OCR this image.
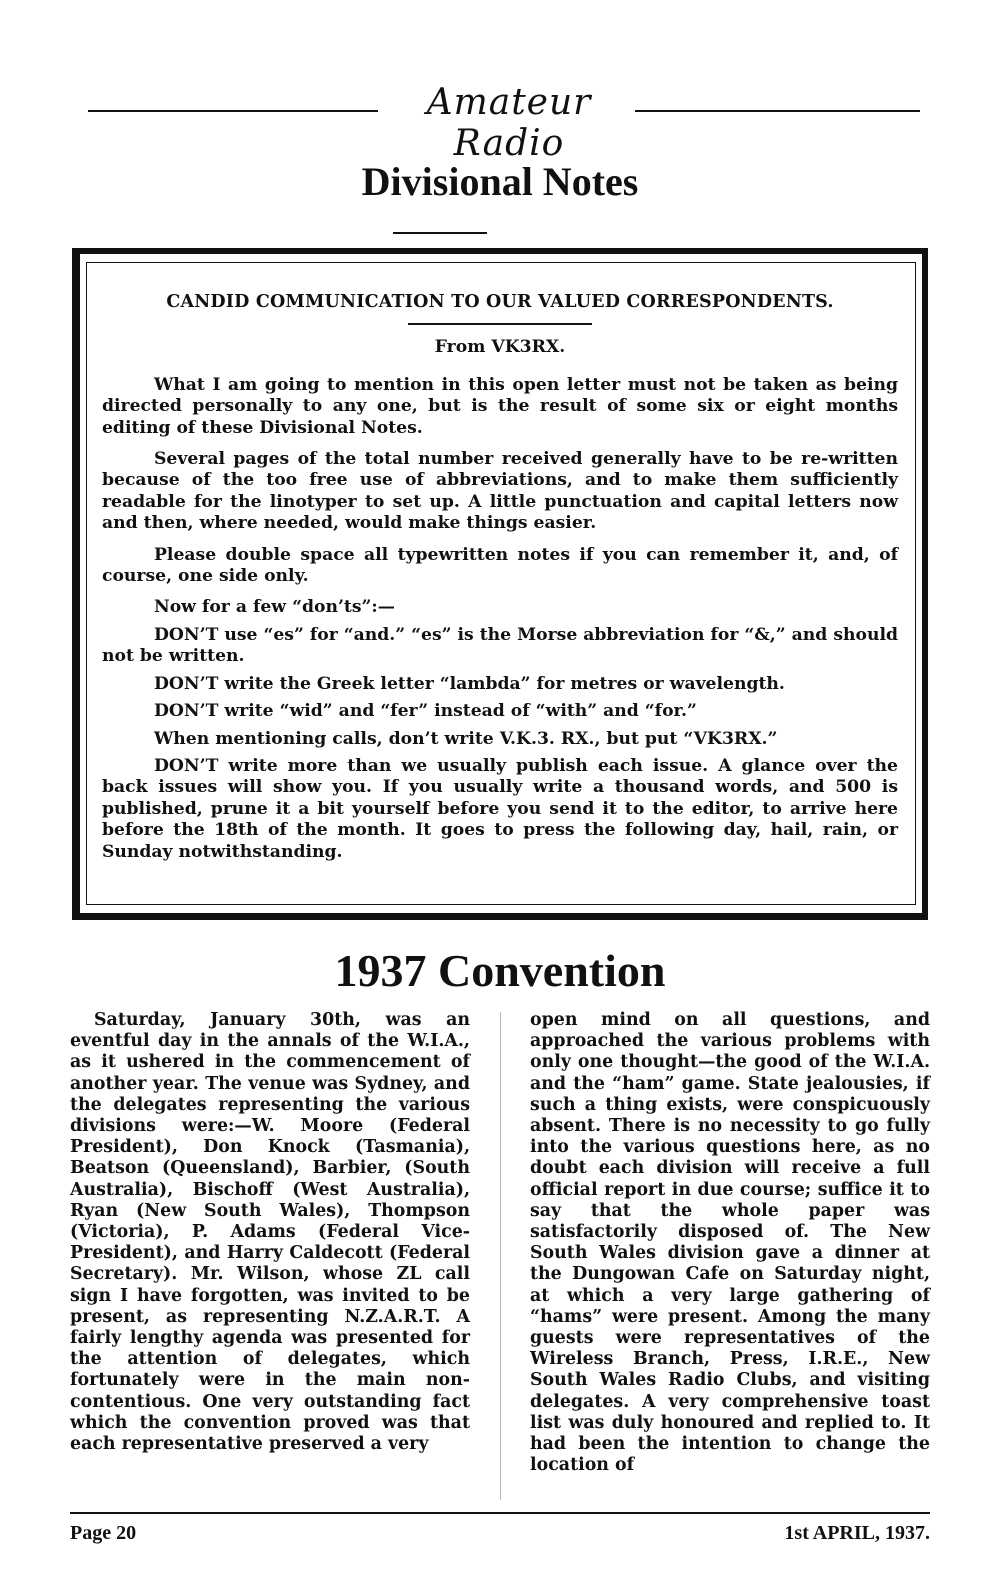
Amateur Radio
Divisional Notes
CANDID COMMUNICATION TO OUR VALUED CORRESPONDENTS.
From VK3RX.

What I am going to mention in this open letter must not be taken as being directed personally to any one, but is the result of some six or eight months editing of these Divisional Notes.

Several pages of the total number received generally have to be re-written because of the too free use of abbreviations, and to make them sufficiently readable for the linotyper to set up. A little punctuation and capital letters now and then, where needed, would make things easier.

Please double space all typewritten notes if you can remember it, and, of course, one side only.

Now for a few “don’ts”:—

DON’T use “es” for “and.” “es” is the Morse abbreviation for “&,” and should not be written.

DON’T write the Greek letter “lambda” for metres or wavelength.

DON’T write “wid” and “fer” instead of “with” and “for.”

When mentioning calls, don’t write V.K.3. RX., but put “VK3RX.”

DON’T write more than we usually publish each issue. A glance over the back issues will show you. If you usually write a thousand words, and 500 is published, prune it a bit yourself before you send it to the editor, to arrive here before the 18th of the month. It goes to press the following day, hail, rain, or Sunday notwithstanding.

1937 Convention

Saturday, January 30th, was an eventful day in the annals of the W.I.A., as it ushered in the commencement of another year. The venue was Sydney, and the delegates representing the various divisions were:—W. Moore (Federal President), Don Knock (Tasmania), Beatson (Queensland), Barbier, (South Australia), Bischoff (West Australia), Ryan (New South Wales), Thompson (Victoria), P. Adams (Federal Vice-President), and Harry Caldecott (Federal Secretary). Mr. Wilson, whose ZL call sign I have forgotten, was invited to be present, as representing N.Z.A.R.T. A fairly lengthy agenda was presented for the attention of delegates, which fortunately were in the main non-contentious. One very outstanding fact which the convention proved was that each representative preserved a very

open mind on all questions, and approached the various problems with only one thought—the good of the W.I.A. and the “ham” game. State jealousies, if such a thing exists, were conspicuously absent. There is no necessity to go fully into the various questions here, as no doubt each division will receive a full official report in due course; suffice it to say that the whole paper was satisfactorily disposed of. The New South Wales division gave a dinner at the Dungowan Cafe on Saturday night, at which a very large gathering of “hams” were present. Among the many guests were representatives of the Wireless Branch, Press, I.R.E., New South Wales Radio Clubs, and visiting delegates. A very comprehensive toast list was duly honoured and replied to. It had been the intention to change the location of

Page 20	1st APRIL, 1937.
